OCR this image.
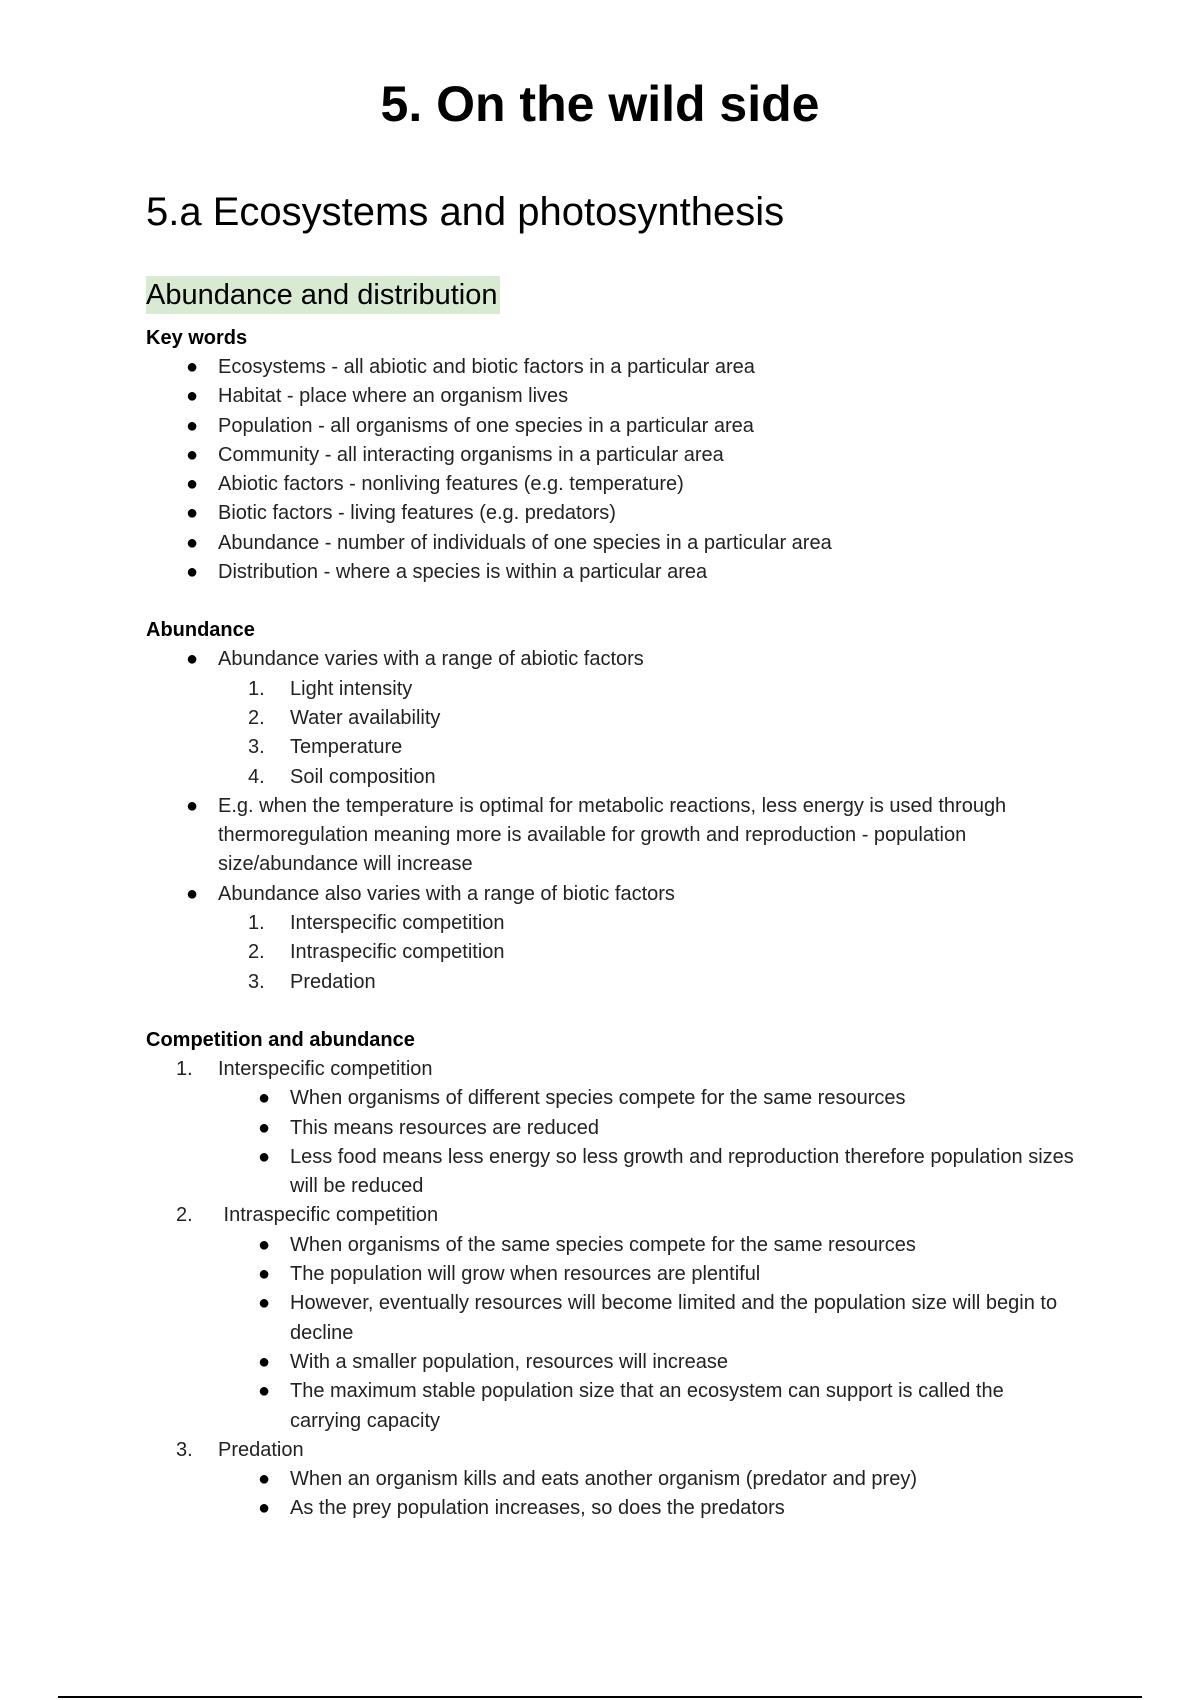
5. On the wild side
5.a Ecosystems and photosynthesis
Abundance and distribution
Key words
● Ecosystems - all abiotic and biotic factors in a particular area
● Habitat - place where an organism lives
● Population - all organisms of one species in a particular area
● Community - all interacting organisms in a particular area
● Abiotic factors - nonliving features (e.g. temperature)
● Biotic factors - living features (e.g. predators)
● Abundance - number of individuals of one species in a particular area
● Distribution - where a species is within a particular area
Abundance
● Abundance varies with a range of abiotic factors
1.	Light intensity
2.	Water availability
3.	Temperature
4.	Soil composition
● E.g. when the temperature is optimal for metabolic reactions, less energy is used through thermoregulation meaning more is available for growth and reproduction - population size/abundance will increase
● Abundance also varies with a range of biotic factors
1.	Interspecific competition
2.	Intraspecific competition
3.	Predation
Competition and abundance
1.	Interspecific competition
● When organisms of different species compete for the same resources
● This means resources are reduced
● Less food means less energy so less growth and reproduction therefore population sizes will be reduced
2.	Intraspecific competition
● When organisms of the same species compete for the same resources
● The population will grow when resources are plentiful
● However, eventually resources will become limited and the population size will begin to decline
● With a smaller population, resources will increase
● The maximum stable population size that an ecosystem can support is called the carrying capacity
3.	Predation
● When an organism kills and eats another organism (predator and prey)
● As the prey population increases, so does the predators
